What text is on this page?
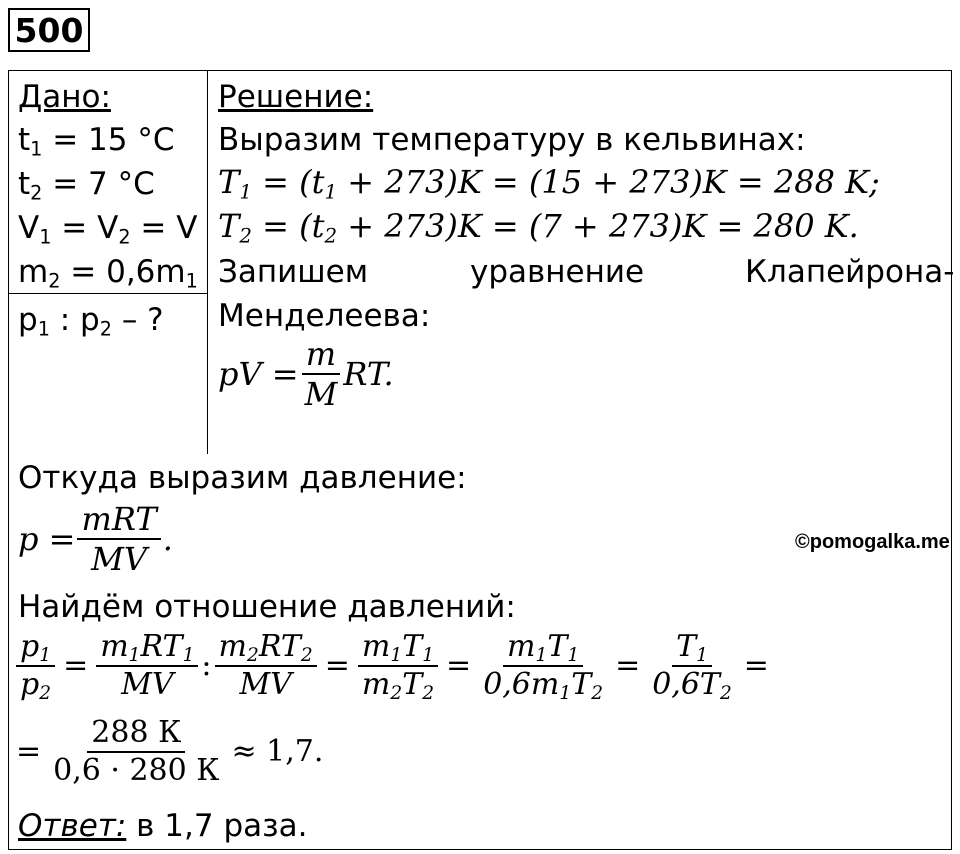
500
Дано:
$t_1 = 15$ °C
$t_2 = 7$ °C
$V_1 = V_2 = V$
$m_2 = 0,6m_1$
$p_1$ : $p_2$ – ?
Решение:
Выразим температуру в кельвинах:
$T_1 = (t_1 + 273)K = (15 + 273)K = 288$ K;
$T_2 = (t_2 + 273)K = (7 + 273)K = 280$ K.
Запишем	уравнение	Клапейрона-
Менделеева:
pV = $\frac{m}{M}$ RT.
Откуда выразим давление:
$p = \frac{\text{mRT}}{MV}$ .	©pomogalka.me
Найдём отношение давлений:
$\frac{p_1}{p_2} = \frac{m_1RT_1}{MV}$ : $\frac{m_2RT_2}{MV} = \frac{m_1T_1}{m_2T_2} = \frac{m_1T_1}{0,6m_1T_2} = \frac{T_1}{0,6T_2}$ =
= $\frac{288 К}{0,6 \cdot 280 К} \approx 1,7$.
Ответ: в 1,7 раза.
